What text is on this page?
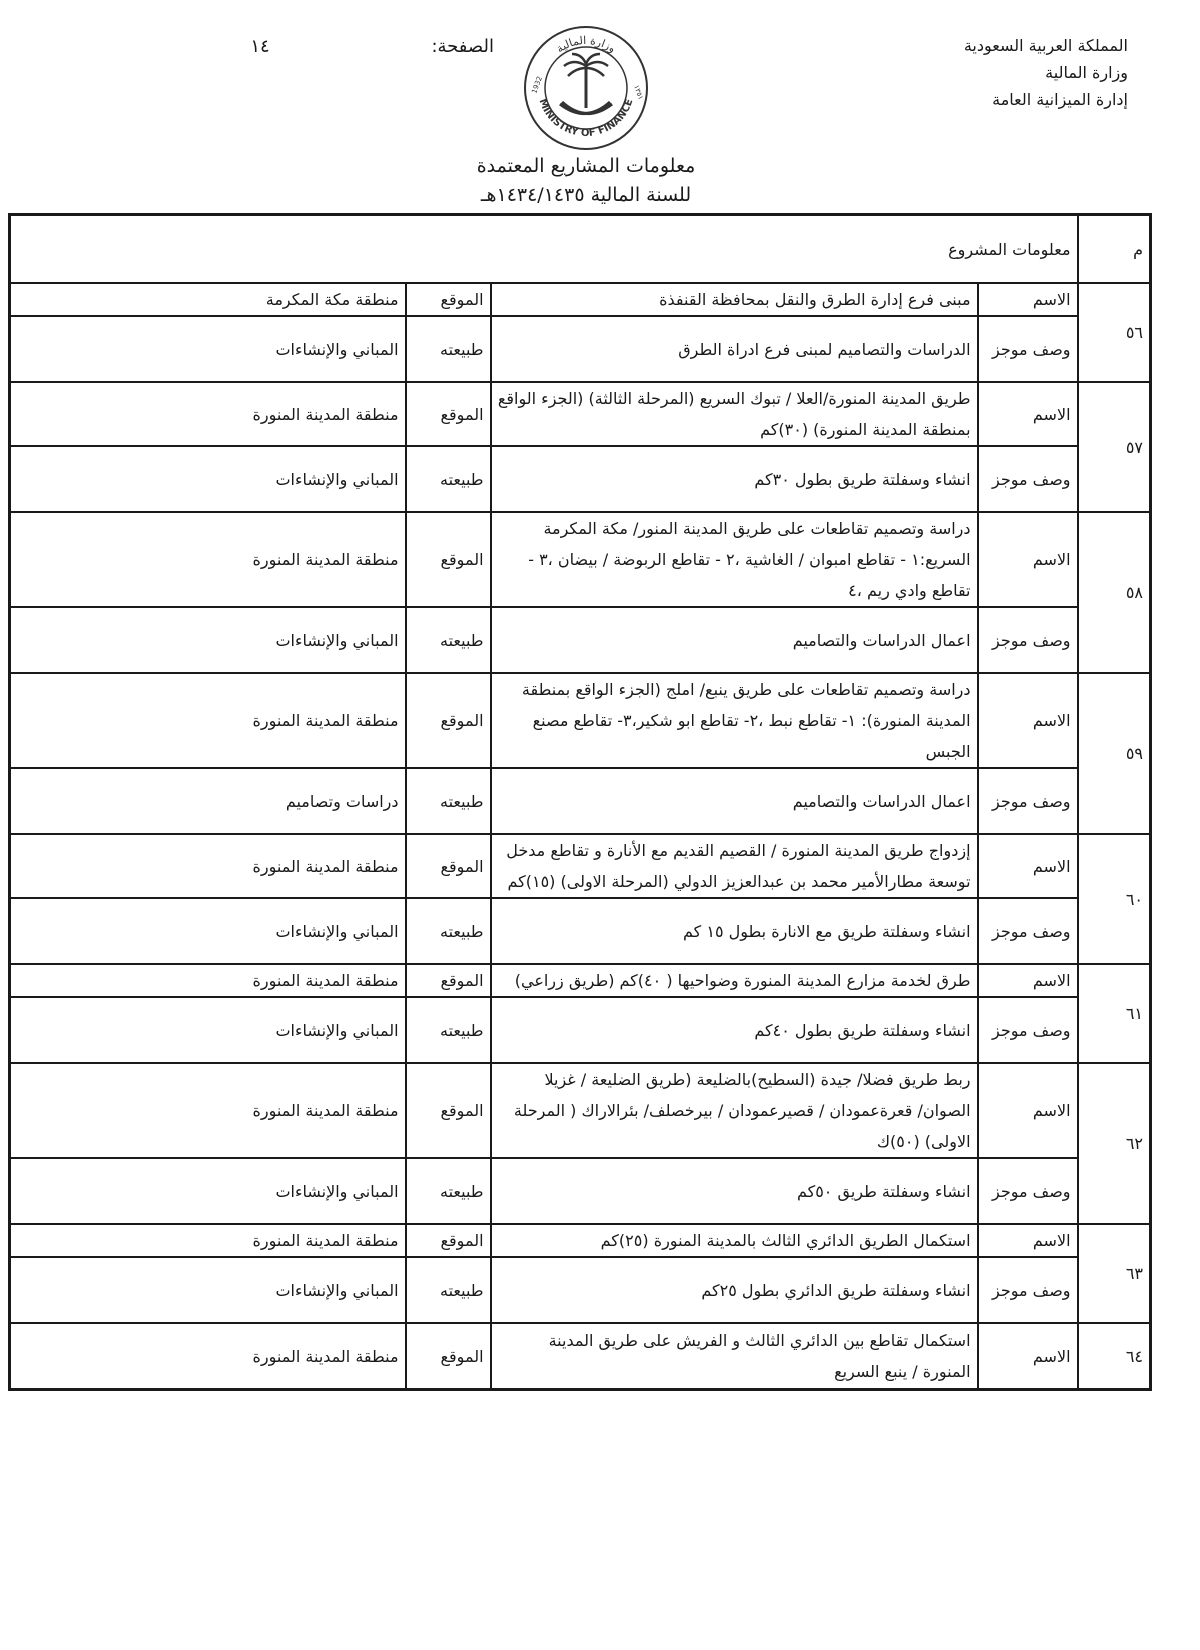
المملكة العربية السعودية
وزارة المالية
إدارة الميزانية العامة
الصفحة:
١٤	وزارة المالية
MINISTRY OF FINANCE
1932	١٣٥١
معلومات المشاريع المعتمدة
للسنة المالية ١٤٣٤/١٤٣٥هـ
م	معلومات المشروع			
٥٦	الاسم	مبنى فرع إدارة الطرق والنقل بمحافظة القنفذة	الموقع	منطقة مكة المكرمة
	وصف موجز	الدراسات والتصاميم لمبنى فرع ادراة الطرق	طبيعته	المباني والإنشاءات
٥٧	الاسم	طريق المدينة المنورة/العلا / تبوك السريع (المرحلة الثالثة) (الجزء الواقع بمنطقة المدينة المنورة) (٣٠)كم	الموقع	منطقة المدينة المنورة
	وصف موجز	انشاء وسفلتة طريق بطول ٣٠كم	طبيعته	المباني والإنشاءات
٥٨	الاسم	دراسة وتصميم تقاطعات على طريق المدينة المنور/ مكة المكرمة السريع:١ - تقاطع امبوان / الغاشية ،٢ - تقاطع الربوضة / بيضان ،٣ - تقاطع وادي ريم ،٤	الموقع	منطقة المدينة المنورة
	وصف موجز	اعمال الدراسات والتصاميم	طبيعته	المباني والإنشاءات
٥٩	الاسم	دراسة وتصميم تقاطعات على طريق ينبع/ املج (الجزء الواقع بمنطقة المدينة المنورة): ١- تقاطع نبط ،٢- تقاطع ابو شكير،٣- تقاطع مصنع الجبس	الموقع	منطقة المدينة المنورة
	وصف موجز	اعمال الدراسات والتصاميم	طبيعته	دراسات وتصاميم
٦٠	الاسم	إزدواج طريق المدينة المنورة / القصيم القديم مع الأنارة و تقاطع مدخل توسعة مطارالأمير محمد بن عبدالعزيز الدولي (المرحلة الاولى) (١٥)كم	الموقع	منطقة المدينة المنورة
	وصف موجز	انشاء وسفلتة طريق مع الانارة بطول ١٥ كم	طبيعته	المباني والإنشاءات
٦١	الاسم	طرق لخدمة مزارع المدينة المنورة وضواحيها ( ٤٠)كم (طريق زراعي)	الموقع	منطقة المدينة المنورة
	وصف موجز	انشاء وسفلتة طريق بطول ٤٠كم	طبيعته	المباني والإنشاءات
٦٢	الاسم	ربط طريق فضلا/ جيدة (السطيح)بالضليعة (طريق الضليعة / غزيلا الصوان/ قعرةعمودان / قصيرعمودان / بيرخصلف/ بئرالاراك ( المرحلة الاولى) (٥٠)ك	الموقع	منطقة المدينة المنورة
	وصف موجز	انشاء وسفلتة طريق ٥٠كم	طبيعته	المباني والإنشاءات
٦٣	الاسم	استكمال الطريق الدائري الثالث بالمدينة المنورة (٢٥)كم	الموقع	منطقة المدينة المنورة
	وصف موجز	انشاء وسفلتة طريق الدائري بطول ٢٥كم	طبيعته	المباني والإنشاءات
٦٤	الاسم	استكمال تقاطع بين الدائري الثالث و الفريش على طريق المدينة المنورة / ينبع السريع	الموقع	منطقة المدينة المنورة
